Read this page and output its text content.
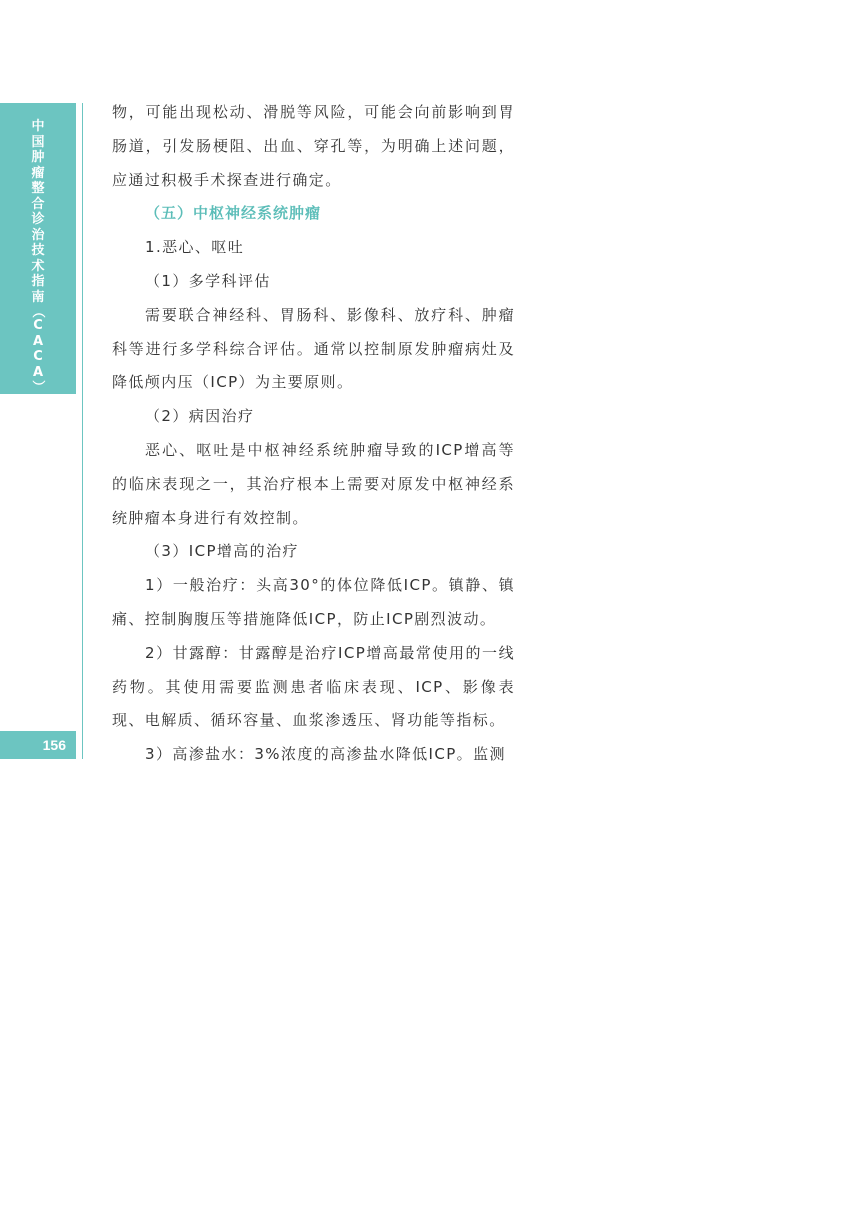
中
国
肿
瘤
整
合
诊
治
技
术
指
南
（
C
A
C
A
）
156

物，可能出现松动、滑脱等风险，可能会向前影响到胃肠道，引发肠梗阻、出血、穿孔等，为明确上述问题，应通过积极手术探查进行确定。

（五）中枢神经系统肿瘤

1.恶心、呕吐

（1）多学科评估

需要联合神经科、胃肠科、影像科、放疗科、肿瘤科等进行多学科综合评估。通常以控制原发肿瘤病灶及降低颅内压（ICP）为主要原则。

（2）病因治疗

恶心、呕吐是中枢神经系统肿瘤导致的ICP增高等的临床表现之一，其治疗根本上需要对原发中枢神经系统肿瘤本身进行有效控制。

（3）ICP增高的治疗

1）一般治疗：头高30°的体位降低ICP。镇静、镇痛、控制胸腹压等措施降低ICP，防止ICP剧烈波动。

2）甘露醇：甘露醇是治疗ICP增高最常使用的一线药物。其使用需要监测患者临床表现、ICP、影像表现、电解质、循环容量、血浆渗透压、肾功能等指标。

3）高渗盐水：3%浓度的高渗盐水降低ICP。监测
